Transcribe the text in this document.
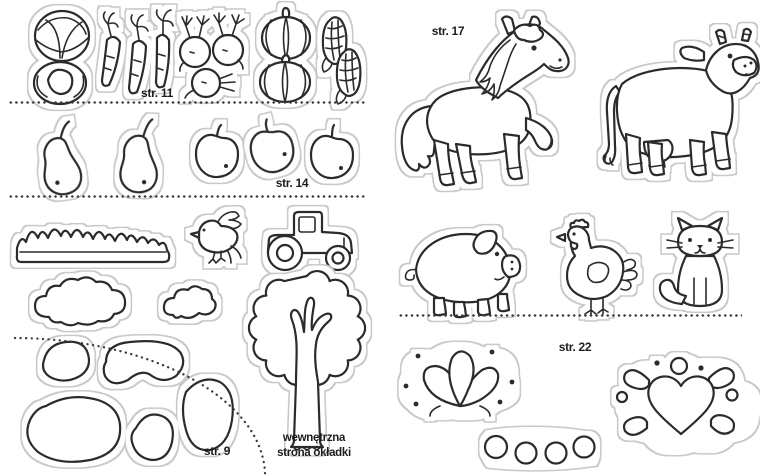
str. 11
str. 14
str. 9
wewnętrzna
strona okładki
str. 17
str. 22
